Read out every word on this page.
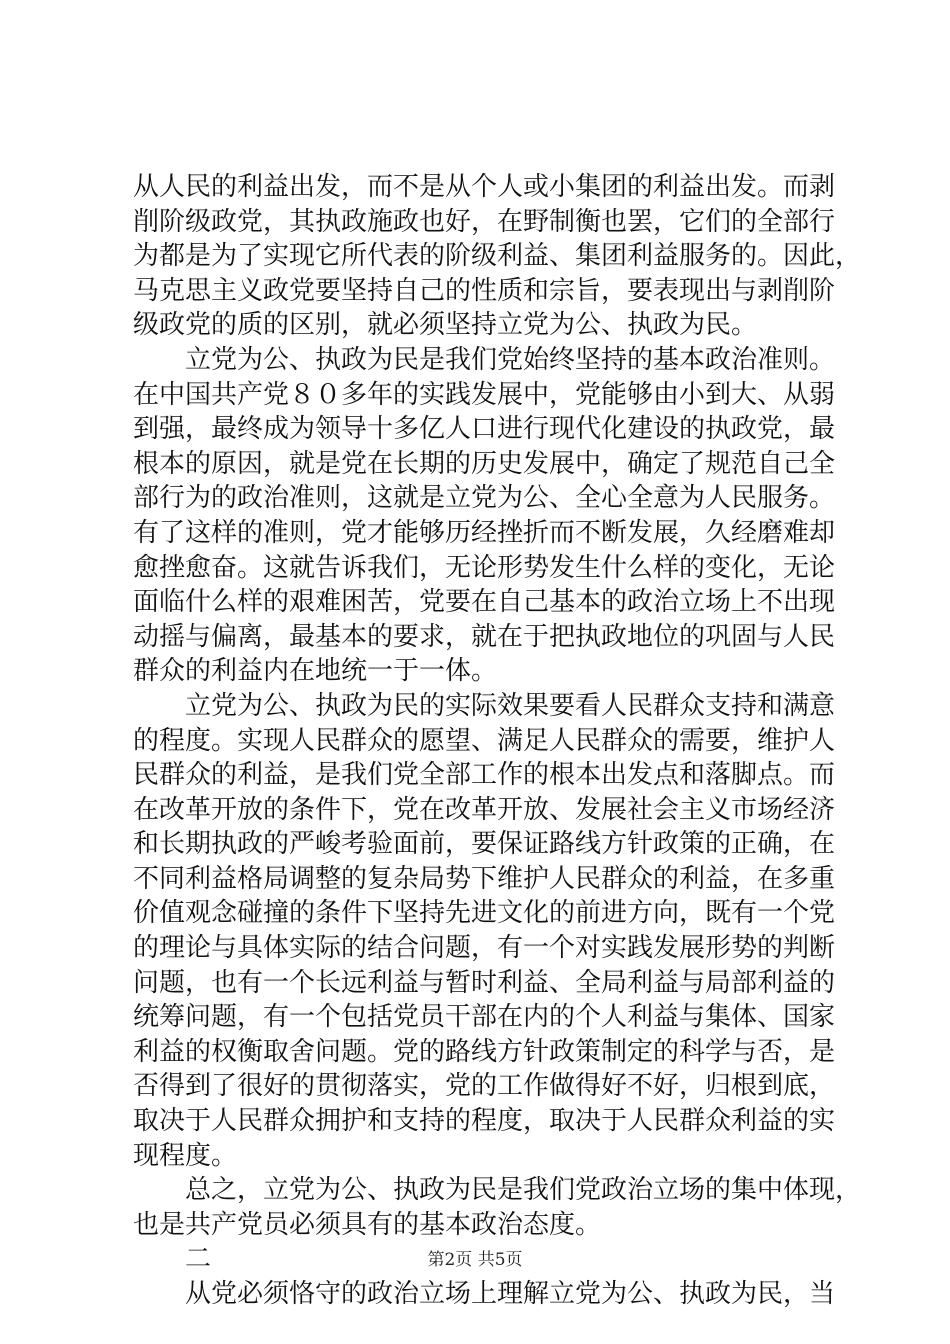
从人民的利益出发，而不是从个人或小集团的利益出发。而剥
削阶级政党，其执政施政也好，在野制衡也罢，它们的全部行
为都是为了实现它所代表的阶级利益、集团利益服务的。因此，
马克思主义政党要坚持自己的性质和宗旨，要表现出与剥削阶
级政党的质的区别，就必须坚持立党为公、执政为民。
立党为公、执政为民是我们党始终坚持的基本政治准则。
在中国共产党８０多年的实践发展中，党能够由小到大、从弱
到强，最终成为领导十多亿人口进行现代化建设的执政党，最
根本的原因，就是党在长期的历史发展中，确定了规范自己全
部行为的政治准则，这就是立党为公、全心全意为人民服务。
有了这样的准则，党才能够历经挫折而不断发展，久经磨难却
愈挫愈奋。这就告诉我们，无论形势发生什么样的变化，无论
面临什么样的艰难困苦，党要在自己基本的政治立场上不出现
动摇与偏离，最基本的要求，就在于把执政地位的巩固与人民
群众的利益内在地统一于一体。
立党为公、执政为民的实际效果要看人民群众支持和满意
的程度。实现人民群众的愿望、满足人民群众的需要，维护人
民群众的利益，是我们党全部工作的根本出发点和落脚点。而
在改革开放的条件下，党在改革开放、发展社会主义市场经济
和长期执政的严峻考验面前，要保证路线方针政策的正确，在
不同利益格局调整的复杂局势下维护人民群众的利益，在多重
价值观念碰撞的条件下坚持先进文化的前进方向，既有一个党
的理论与具体实际的结合问题，有一个对实践发展形势的判断
问题，也有一个长远利益与暂时利益、全局利益与局部利益的
统筹问题，有一个包括党员干部在内的个人利益与集体、国家
利益的权衡取舍问题。党的路线方针政策制定的科学与否，是
否得到了很好的贯彻落实，党的工作做得好不好，归根到底，
取决于人民群众拥护和支持的程度，取决于人民群众利益的实
现程度。
总之，立党为公、执政为民是我们党政治立场的集中体现，
也是共产党员必须具有的基本政治态度。
二
从党必须恪守的政治立场上理解立党为公、执政为民，当
第2页 共5页
